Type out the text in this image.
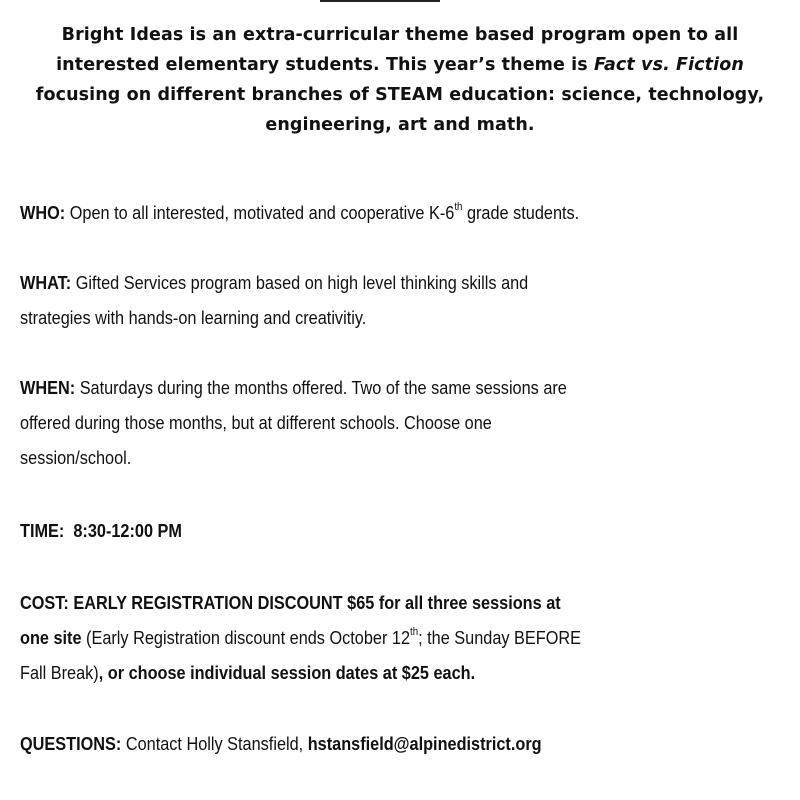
Bright Ideas is an extra-curricular theme based program open to all
interested elementary students. This year’s theme is Fact vs. Fiction
focusing on different branches of STEAM education: science, technology,
engineering, art and math.
WHO: Open to all interested, motivated and cooperative K-6th grade students.
WHAT: Gifted Services program based on high level thinking skills and
strategies with hands-on learning and creativitiy.
WHEN: Saturdays during the months offered. Two of the same sessions are
offered during those months, but at different schools. Choose one
session/school.
TIME:  8:30-12:00 PM
COST: EARLY REGISTRATION DISCOUNT $65 for all three sessions at
one site (Early Registration discount ends October 12th; the Sunday BEFORE
Fall Break), or choose individual session dates at $25 each.
QUESTIONS: Contact Holly Stansfield, hstansfield@alpinedistrict.org
